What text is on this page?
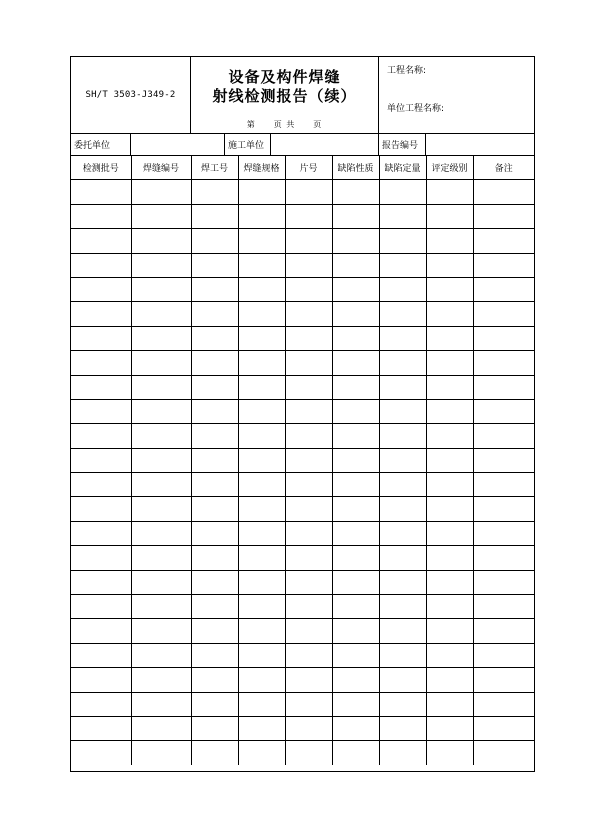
SH/T 3503-J349-2
设备及构件焊缝
射线检测报告（续）
第　　页 共　　页
工程名称:
单位工程名称:
委托单位	施工单位	报告编号
检测批号	焊缝编号	焊工号	焊缝规格	片号	缺陷性质	缺陷定量	评定级别	备注
